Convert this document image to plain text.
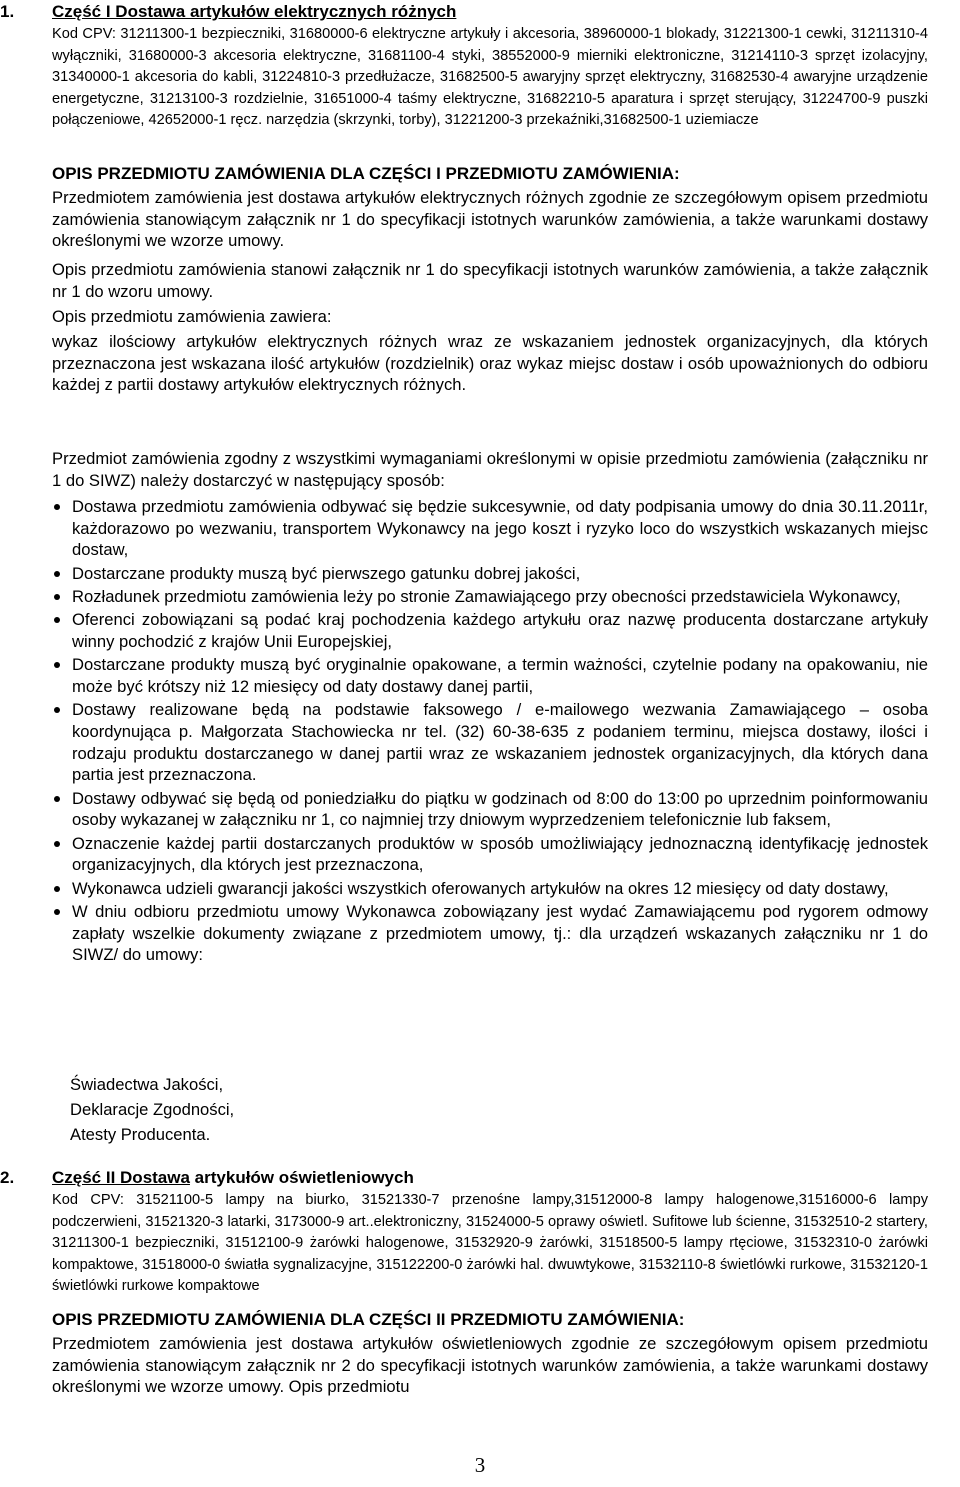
1. Część I Dostawa artykułów elektrycznych różnych
Kod CPV: 31211300-1 bezpieczniki, 31680000-6 elektryczne artykuły i akcesoria, 38960000-1 blokady, 31221300-1 cewki, 31211310-4 wyłączniki, 31680000-3 akcesoria elektryczne, 31681100-4 styki, 38552000-9 mierniki elektroniczne, 31214110-3 sprzęt izolacyjny, 31340000-1 akcesoria do kabli, 31224810-3 przedłużacze, 31682500-5 awaryjny sprzęt elektryczny, 31682530-4 awaryjne urządzenie energetyczne, 31213100-3 rozdzielnie, 31651000-4 taśmy elektryczne, 31682210-5 aparatura i sprzęt sterujący, 31224700-9 puszki połączeniowe, 42652000-1 ręcz. narzędzia (skrzynki, torby), 31221200-3 przekaźniki,31682500-1 uziemiacze
OPIS PRZEDMIOTU ZAMÓWIENIA DLA CZĘŚCI I PRZEDMIOTU ZAMÓWIENIA:

Przedmiotem zamówienia jest dostawa artykułów elektrycznych różnych zgodnie ze szczegółowym opisem przedmiotu zamówienia stanowiącym załącznik nr 1 do specyfikacji istotnych warunków zamówienia, a także warunkami dostawy określonymi we wzorze umowy.

Opis przedmiotu zamówienia stanowi załącznik nr 1 do specyfikacji istotnych warunków zamówienia, a także załącznik nr 1 do wzoru umowy.

Opis przedmiotu zamówienia zawiera:

wykaz ilościowy artykułów elektrycznych różnych wraz ze wskazaniem jednostek organizacyjnych, dla których przeznaczona jest wskazana ilość artykułów (rozdzielnik) oraz wykaz miejsc dostaw i osób upoważnionych do odbioru każdej z partii dostawy artykułów elektrycznych różnych.

Przedmiot zamówienia zgodny z wszystkimi wymaganiami określonymi w opisie przedmiotu zamówienia (załączniku nr 1 do SIWZ) należy dostarczyć w następujący sposób:

Dostawa przedmiotu zamówienia odbywać się będzie sukcesywnie, od daty podpisania umowy do dnia 30.11.2011r, każdorazowo po wezwaniu, transportem Wykonawcy na jego koszt i ryzyko loco do wszystkich wskazanych miejsc dostaw,
Dostarczane produkty muszą być pierwszego gatunku dobrej jakości,
Rozładunek przedmiotu zamówienia leży po stronie Zamawiającego przy obecności przedstawiciela Wykonawcy,
Oferenci zobowiązani są podać kraj pochodzenia każdego artykułu oraz nazwę producenta dostarczane artykuły winny pochodzić z krajów Unii Europejskiej,
Dostarczane produkty muszą być oryginalnie opakowane, a termin ważności, czytelnie podany na opakowaniu, nie może być krótszy niż 12 miesięcy od daty dostawy danej partii,
Dostawy realizowane będą na podstawie faksowego / e-mailowego wezwania Zamawiającego – osoba koordynująca p. Małgorzata Stachowiecka nr tel. (32) 60-38-635 z podaniem terminu, miejsca dostawy, ilości i rodzaju produktu dostarczanego w danej partii wraz ze wskazaniem jednostek organizacyjnych, dla których dana partia jest przeznaczona.
Dostawy odbywać się będą od poniedziałku do piątku w godzinach od 8:00 do 13:00 po uprzednim poinformowaniu osoby wykazanej w załączniku nr 1, co najmniej trzy dniowym wyprzedzeniem telefonicznie lub faksem,
Oznaczenie każdej partii dostarczanych produktów w sposób umożliwiający jednoznaczną identyfikację jednostek organizacyjnych, dla których jest przeznaczona,
Wykonawca udzieli gwarancji jakości wszystkich oferowanych artykułów na okres 12 miesięcy od daty dostawy,
W dniu odbioru przedmiotu umowy Wykonawca zobowiązany jest wydać Zamawiającemu pod rygorem odmowy zapłaty wszelkie dokumenty związane z przedmiotem umowy, tj.: dla urządzeń wskazanych załączniku nr 1 do SIWZ/ do umowy:
Świadectwa Jakości,
Deklaracje Zgodności,
Atesty Producenta.
2. Część II Dostawa artykułów oświetleniowych
Kod CPV: 31521100-5 lampy na biurko, 31521330-7 przenośne lampy,31512000-8 lampy halogenowe,31516000-6 lampy podczerwieni, 31521320-3 latarki, 3173000-9 art..elektroniczny, 31524000-5 oprawy oświetl. Sufitowe lub ścienne, 31532510-2 startery, 31211300-1 bezpieczniki, 31512100-9 żarówki halogenowe, 31532920-9 żarówki, 31518500-5 lampy rtęciowe, 31532310-0 żarówki kompaktowe, 31518000-0 światła sygnalizacyjne, 315122200-0 żarówki hal. dwuwtykowe, 31532110-8 świetlówki rurkowe, 31532120-1 świetlówki rurkowe kompaktowe
OPIS PRZEDMIOTU ZAMÓWIENIA DLA CZĘŚCI II PRZEDMIOTU ZAMÓWIENIA:

Przedmiotem zamówienia jest dostawa artykułów oświetleniowych zgodnie ze szczegółowym opisem przedmiotu zamówienia stanowiącym załącznik nr 2 do specyfikacji istotnych warunków zamówienia, a także warunkami dostawy określonymi we wzorze umowy. Opis przedmiotu

3
